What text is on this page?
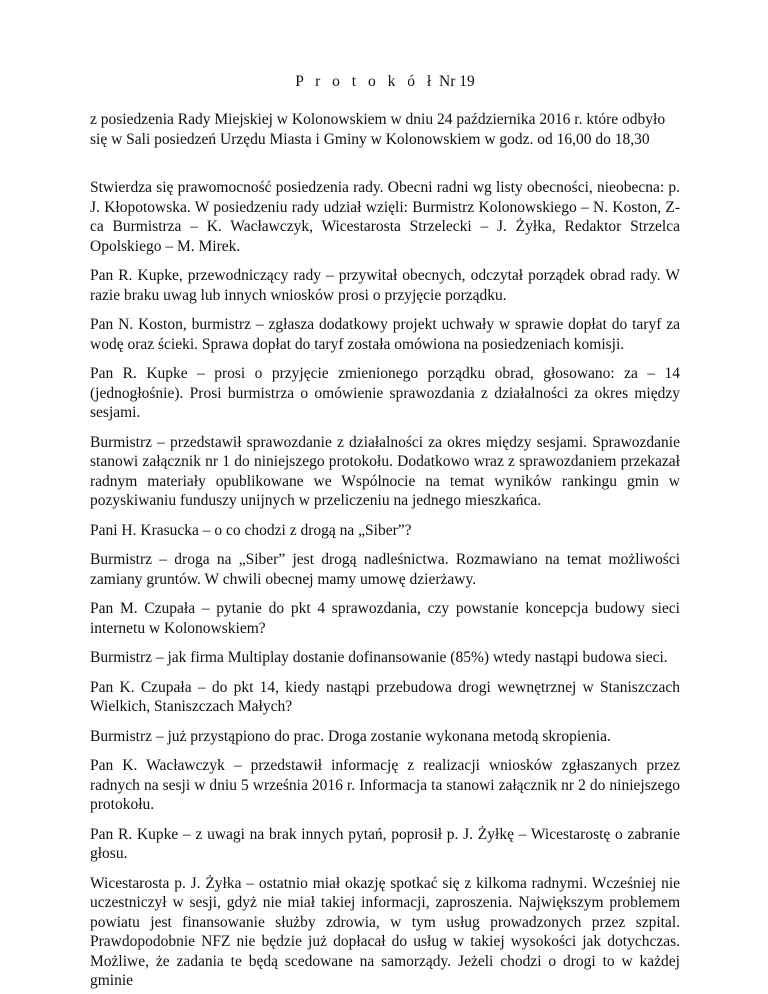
P r o t o k ó ł Nr 19
z posiedzenia Rady Miejskiej w Kolonowskiem w dniu 24 października 2016 r. które odbyło się w Sali posiedzeń Urzędu Miasta i Gminy w Kolonowskiem w godz. od 16,00 do 18,30

Stwierdza się prawomocność posiedzenia rady. Obecni radni wg listy obecności, nieobecna: p. J. Kłopotowska. W posiedzeniu rady udział wzięli: Burmistrz Kolonowskiego – N. Koston, Z-ca Burmistrza – K. Wacławczyk, Wicestarosta Strzelecki – J. Żyłka, Redaktor Strzelca Opolskiego – M. Mirek.

Pan R. Kupke, przewodniczący rady – przywitał obecnych, odczytał porządek obrad rady. W razie braku uwag lub innych wniosków prosi o przyjęcie porządku.

Pan N. Koston, burmistrz – zgłasza dodatkowy projekt uchwały w sprawie dopłat do taryf za wodę oraz ścieki. Sprawa dopłat do taryf została omówiona na posiedzeniach komisji.

Pan R. Kupke – prosi o przyjęcie zmienionego porządku obrad, głosowano: za – 14 (jednogłośnie). Prosi burmistrza o omówienie sprawozdania z działalności za okres między sesjami.

Burmistrz – przedstawił sprawozdanie z działalności za okres między sesjami. Sprawozdanie stanowi załącznik nr 1 do niniejszego protokołu. Dodatkowo wraz z sprawozdaniem przekazał radnym materiały opublikowane we Wspólnocie na temat wyników rankingu gmin w pozyskiwaniu funduszy unijnych w przeliczeniu na jednego mieszkańca.

Pani H. Krasucka – o co chodzi z drogą na „Siber”?

Burmistrz – droga na „Siber” jest drogą nadleśnictwa. Rozmawiano na temat możliwości zamiany gruntów. W chwili obecnej mamy umowę dzierżawy.

Pan M. Czupała – pytanie do pkt 4 sprawozdania, czy powstanie koncepcja budowy sieci internetu w Kolonowskiem?

Burmistrz – jak firma Multiplay dostanie dofinansowanie (85%) wtedy nastąpi budowa sieci.

Pan K. Czupała – do pkt 14, kiedy nastąpi przebudowa drogi wewnętrznej w Staniszczach Wielkich, Staniszczach Małych?

Burmistrz – już przystąpiono do prac. Droga zostanie wykonana metodą skropienia.

Pan K. Wacławczyk – przedstawił informację z realizacji wniosków zgłaszanych przez radnych na sesji w dniu 5 września 2016 r. Informacja ta stanowi załącznik nr 2 do niniejszego protokołu.

Pan R. Kupke – z uwagi na brak innych pytań, poprosił p. J. Żyłkę – Wicestarostę o zabranie głosu.

Wicestarosta p. J. Żyłka – ostatnio miał okazję spotkać się z kilkoma radnymi. Wcześniej nie uczestniczył w sesji, gdyż nie miał takiej informacji, zaproszenia. Największym problemem powiatu jest finansowanie służby zdrowia, w tym usług prowadzonych przez szpital. Prawdopodobnie NFZ nie będzie już dopłacał do usług w takiej wysokości jak dotychczas. Możliwe, że zadania te będą scedowane na samorządy. Jeżeli chodzi o drogi to w każdej gminie
